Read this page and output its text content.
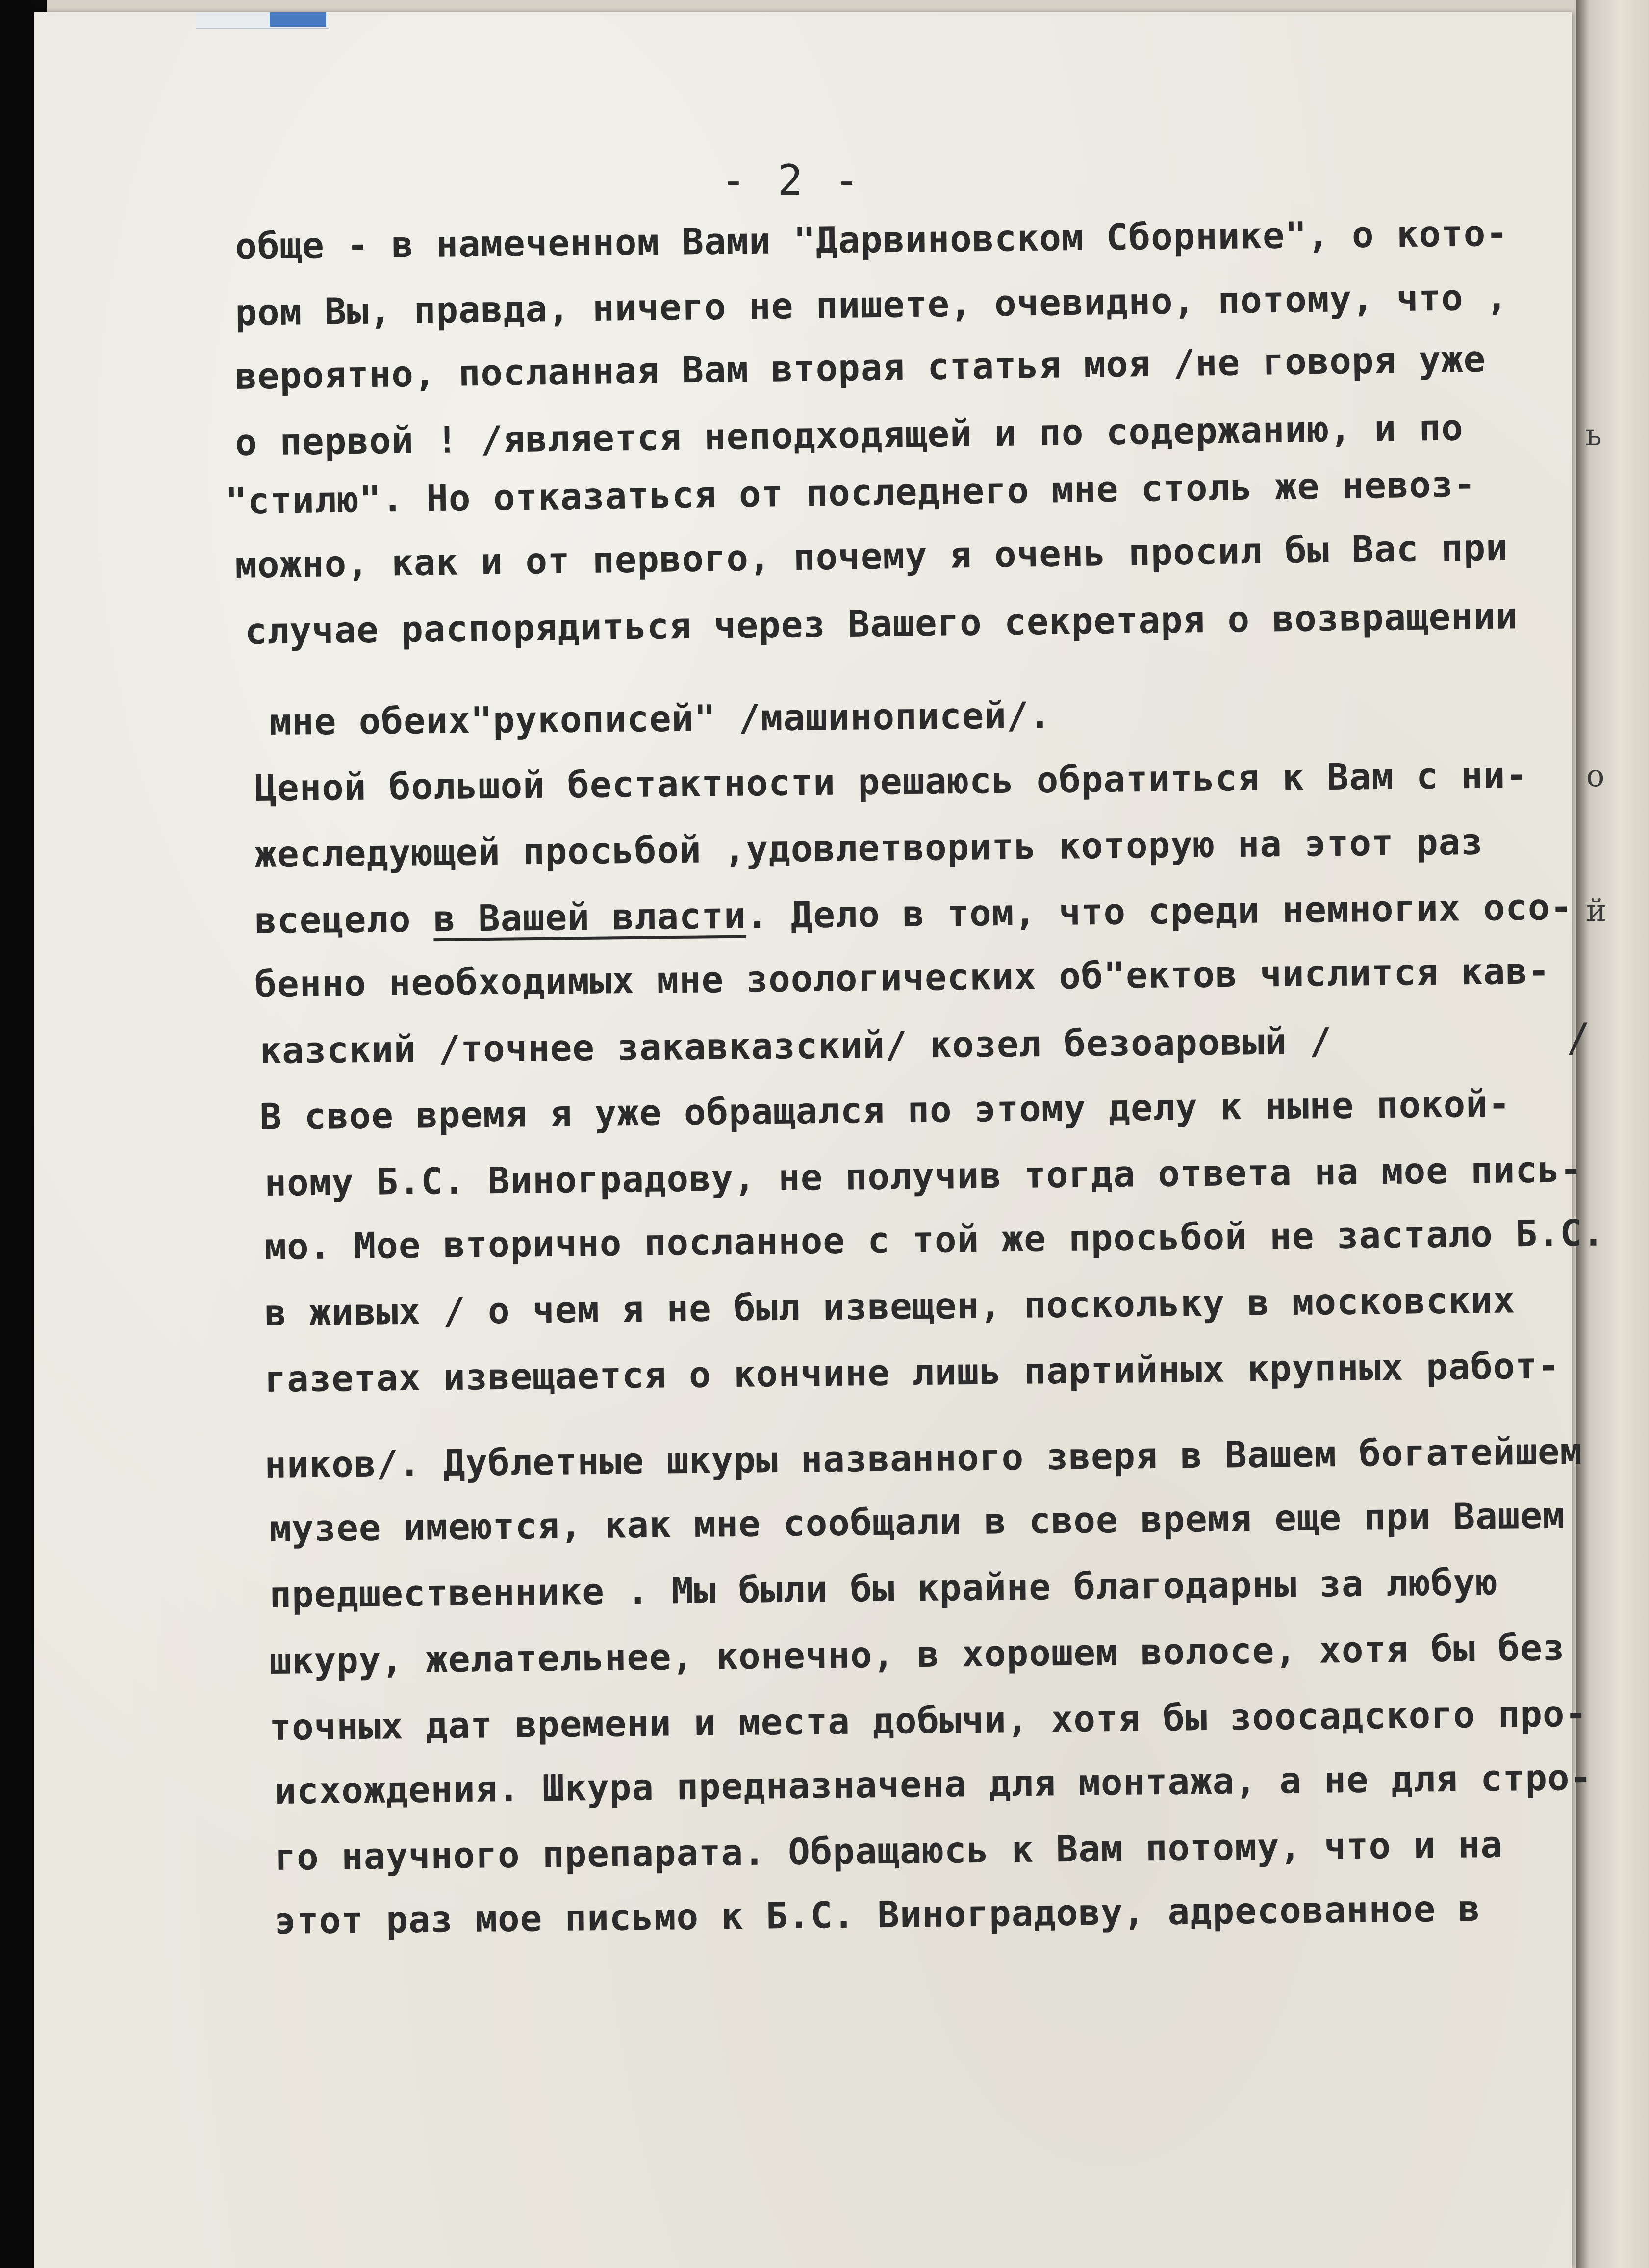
ь
о
й
- 2 -
обще - в намеченном Вами "Дарвиновском Сборнике", о кото-
ром Вы, правда, ничего не пишете, очевидно, потому, что ,
вероятно, посланная Вам вторая статья моя /не говоря уже
о первой ! /является неподходящей и по содержанию, и по
"стилю". Но отказаться от последнего мне столь же невоз-
можно, как и от первого, почему я очень просил бы Вас при
случае распорядиться через Вашего секретаря о возвращении
мне обеих"рукописей" /машинописей/.
Ценой большой бестактности решаюсь обратиться к Вам с ни-
жеследующей просьбой ,удовлетворить которую на этот раз
всецело в Вашей власти. Дело в том, что среди немногих осо-
бенно необходимых мне зоологических об"ектов числится кав-
казский /точнее закавказский/ козел безоаровый /
В свое время я уже обращался по этому делу к ныне покой-
ному Б.С. Виноградову, не получив тогда ответа на мое пись-
мо. Мое вторично посланное с той же просьбой не застало Б.С.
в живых / о чем я не был извещен, поскольку в московских
газетах извещается о кончине лишь партийных крупных работ-
ников/. Дублетные шкуры названного зверя в Вашем богатейшем
музее имеются, как мне сообщали в свое время еще при Вашем
предшественнике . Мы были бы крайне благодарны за любую
шкуру, желательнее, конечно, в хорошем волосе, хотя бы без
точных дат времени и места добычи, хотя бы зоосадского про-
исхождения. Шкура предназначена для монтажа, а не для стро-
го научного препарата. Обращаюсь к Вам потому, что и на
этот раз мое письмо к Б.С. Виноградову, адресованное в
/
